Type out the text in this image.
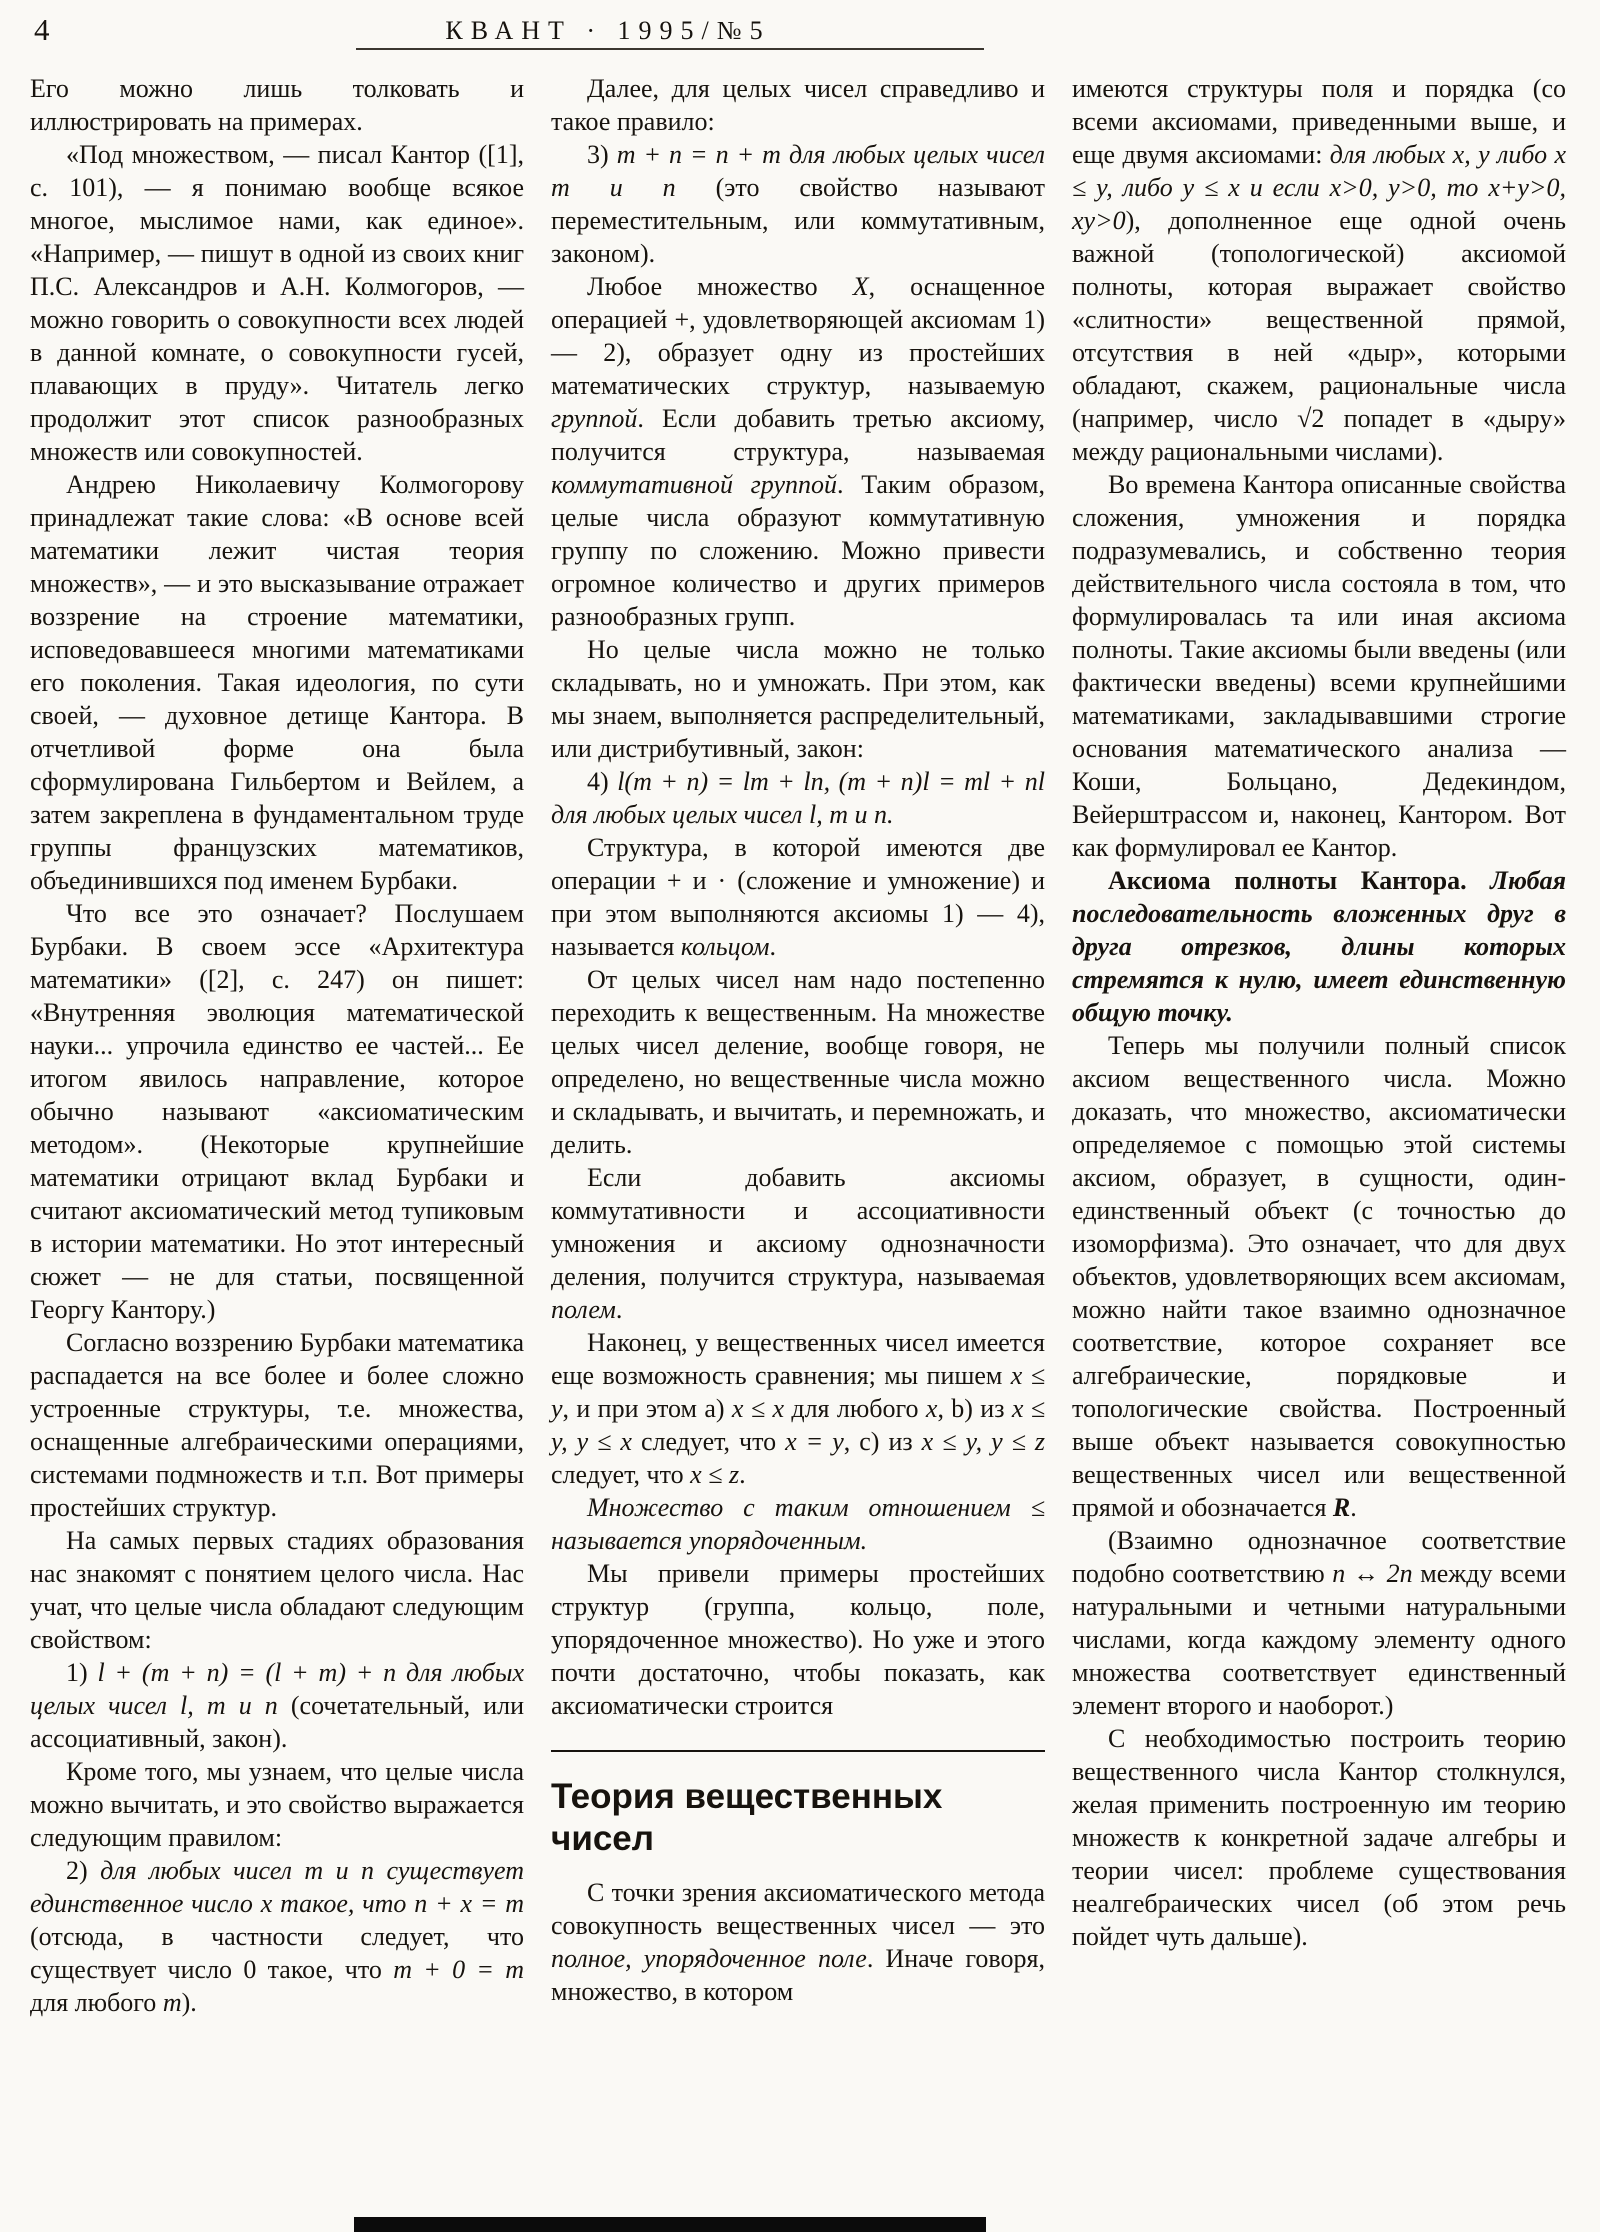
4	КВАНТ · 1995/№5

Его можно лишь толковать и иллюстрировать на примерах.

«Под множеством, — писал Кантор ([1], с. 101), — я понимаю вообще всякое многое, мыслимое нами, как единое». «Например, — пишут в одной из своих книг П.С. Александров и А.Н. Колмогоров, — можно говорить о совокупности всех людей в данной комнате, о совокупности гусей, плавающих в пруду». Читатель легко продолжит этот список разнообразных множеств или совокупностей.

Андрею Николаевичу Колмогорову принадлежат такие слова: «В основе всей математики лежит чистая теория множеств», — и это высказывание отражает воззрение на строение математики, исповедовавшееся многими математиками его поколения. Такая идеология, по сути своей, — духовное детище Кантора. В отчетливой форме она была сформулирована Гильбертом и Вейлем, а затем закреплена в фундаментальном труде группы французских математиков, объединившихся под именем Бурбаки.

Что все это означает? Послушаем Бурбаки. В своем эссе «Архитектура математики» ([2], с. 247) он пишет: «Внутренняя эволюция математической науки... упрочила единство ее частей... Ее итогом явилось направление, которое обычно называют «аксиоматическим методом». (Некоторые крупнейшие математики отрицают вклад Бурбаки и считают аксиоматический метод тупиковым в истории математики. Но этот интересный сюжет — не для статьи, посвященной Георгу Кантору.)

Согласно воззрению Бурбаки математика распадается на все более и более сложно устроенные структуры, т.е. множества, оснащенные алгебраическими операциями, системами подмножеств и т.п. Вот примеры простейших структур.

На самых первых стадиях образования нас знакомят с понятием целого числа. Нас учат, что целые числа обладают следующим свойством:

1) l + (m + n) = (l + m) + n для любых целых чисел l, m и n (сочетательный, или ассоциативный, закон).

Кроме того, мы узнаем, что целые числа можно вычитать, и это свойство выражается следующим правилом:

2) для любых чисел m и n существует единственное число x такое, что n + x = m (отсюда, в частности следует, что существует число 0 такое, что m + 0 = m для любого m).

Далее, для целых чисел справедливо и такое правило:

3) m + n = n + m для любых целых чисел m и n (это свойство называют переместительным, или коммутативным, законом).

Любое множество X, оснащенное операцией +, удовлетворяющей аксиомам 1) — 2), образует одну из простейших математических структур, называемую группой. Если добавить третью аксиому, получится структура, называемая коммутативной группой. Таким образом, целые числа образуют коммутативную группу по сложению. Можно привести огромное количество и других примеров разнообразных групп.

Но целые числа можно не только складывать, но и умножать. При этом, как мы знаем, выполняется распределительный, или дистрибутивный, закон:

4) l(m + n) = lm + ln, (m + n)l = ml + nl для любых целых чисел l, m и n.

Структура, в которой имеются две операции + и · (сложение и умножение) и при этом выполняются аксиомы 1) — 4), называется кольцом.

От целых чисел нам надо постепенно переходить к вещественным. На множестве целых чисел деление, вообще говоря, не определено, но вещественные числа можно и складывать, и вычитать, и перемножать, и делить.

Если добавить аксиомы коммутативности и ассоциативности умножения и аксиому однозначности деления, получится структура, называемая полем.

Наконец, у вещественных чисел имеется еще возможность сравнения; мы пишем x ≤ y, и при этом a) x ≤ x для любого x, b) из x ≤ y, y ≤ x следует, что x = y, c) из x ≤ y, y ≤ z следует, что x ≤ z.

Множество с таким отношением ≤ называется упорядоченным.

Мы привели примеры простейших структур (группа, кольцо, поле, упорядоченное множество). Но уже и этого почти достаточно, чтобы показать, как аксиоматически строится

Теория вещественных
чисел

С точки зрения аксиоматического метода совокупность вещественных чисел — это полное, упорядоченное поле. Иначе говоря, множество, в котором

имеются структуры поля и порядка (со всеми аксиомами, приведенными выше, и еще двумя аксиомами: для любых x, y либо x ≤ y, либо y ≤ x и если x>0, y>0, то x+y>0, xy>0), дополненное еще одной очень важной (топологической) аксиомой полноты, которая выражает свойство «слитности» вещественной прямой, отсутствия в ней «дыр», которыми обладают, скажем, рациональные числа (например, число √2 попадет в «дыру» между рациональными числами).

Во времена Кантора описанные свойства сложения, умножения и порядка подразумевались, и собственно теория действительного числа состояла в том, что формулировалась та или иная аксиома полноты. Такие аксиомы были введены (или фактически введены) всеми крупнейшими математиками, закладывавшими строгие основания математического анализа — Коши, Больцано, Дедекиндом, Вейерштрассом и, наконец, Кантором. Вот как формулировал ее Кантор.

Аксиома полноты Кантора. Любая последовательность вложенных друг в друга отрезков, длины которых стремятся к нулю, имеет единственную общую точку.

Теперь мы получили полный список аксиом вещественного числа. Можно доказать, что множество, аксиоматически определяемое с помощью этой системы аксиом, образует, в сущности, один-единственный объект (с точностью до изоморфизма). Это означает, что для двух объектов, удовлетворяющих всем аксиомам, можно найти такое взаимно однозначное соответствие, которое сохраняет все алгебраические, порядковые и топологические свойства. Построенный выше объект называется совокупностью вещественных чисел или вещественной прямой и обозначается R.

(Взаимно однозначное соответствие подобно соответствию n ↔ 2n между всеми натуральными и четными натуральными числами, когда каждому элементу одного множества соответствует единственный элемент второго и наоборот.)

С необходимостью построить теорию вещественного числа Кантор столкнулся, желая применить построенную им теорию множеств к конкретной задаче алгебры и теории чисел: проблеме существования неалгебраических чисел (об этом речь пойдет чуть дальше).
